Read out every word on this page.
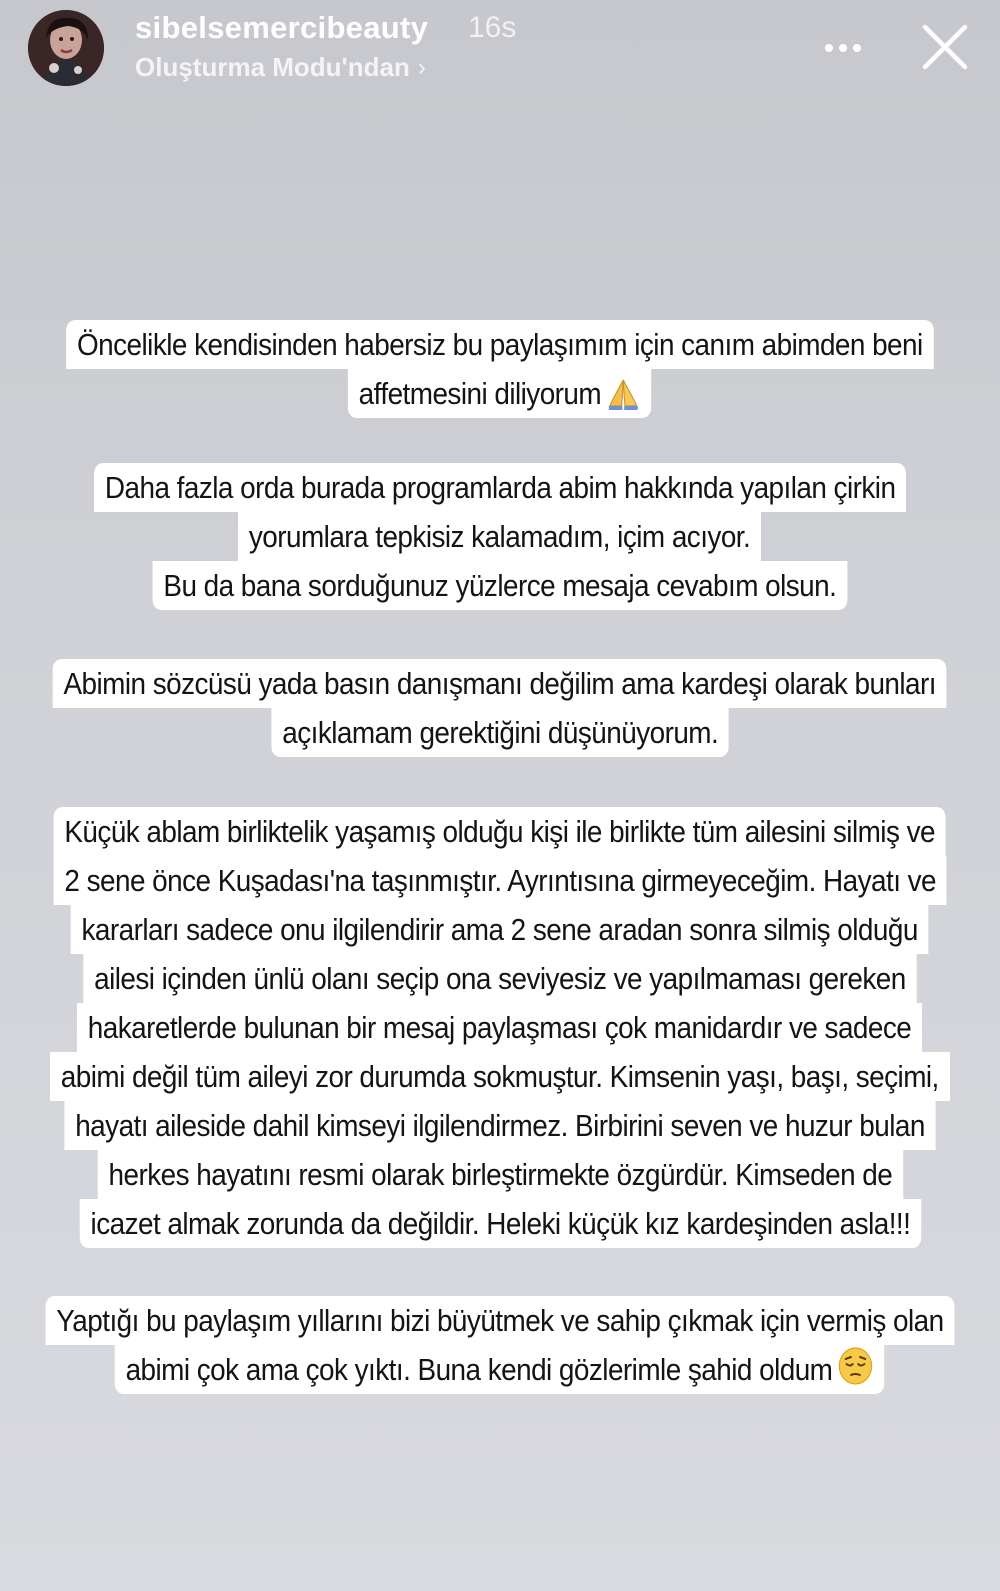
sibelsemercibeauty 16s
Oluşturma Modu'ndan ›
Öncelikle kendisinden habersiz bu paylaşımım için canım abimden beni
affetmesini diliyorum
Daha fazla orda burada programlarda abim hakkında yapılan çirkin
yorumlara tepkisiz kalamadım, içim acıyor.
Bu da bana sorduğunuz yüzlerce mesaja cevabım olsun.
Abimin sözcüsü yada basın danışmanı değilim ama kardeşi olarak bunları
açıklamam gerektiğini düşünüyorum.
Küçük ablam birliktelik yaşamış olduğu kişi ile birlikte tüm ailesini silmiş ve
2 sene önce Kuşadası'na taşınmıştır. Ayrıntısına girmeyeceğim. Hayatı ve
kararları sadece onu ilgilendirir ama 2 sene aradan sonra silmiş olduğu
ailesi içinden ünlü olanı seçip ona seviyesiz ve yapılmaması gereken
hakaretlerde bulunan bir mesaj paylaşması çok manidardır ve sadece
abimi değil tüm aileyi zor durumda sokmuştur. Kimsenin yaşı, başı, seçimi,
hayatı aileside dahil kimseyi ilgilendirmez. Birbirini seven ve huzur bulan
herkes hayatını resmi olarak birleştirmekte özgürdür. Kimseden de
icazet almak zorunda da değildir. Heleki küçük kız kardeşinden asla!!!
Yaptığı bu paylaşım yıllarını bizi büyütmek ve sahip çıkmak için vermiş olan
abimi çok ama çok yıktı. Buna kendi gözlerimle şahid oldum
